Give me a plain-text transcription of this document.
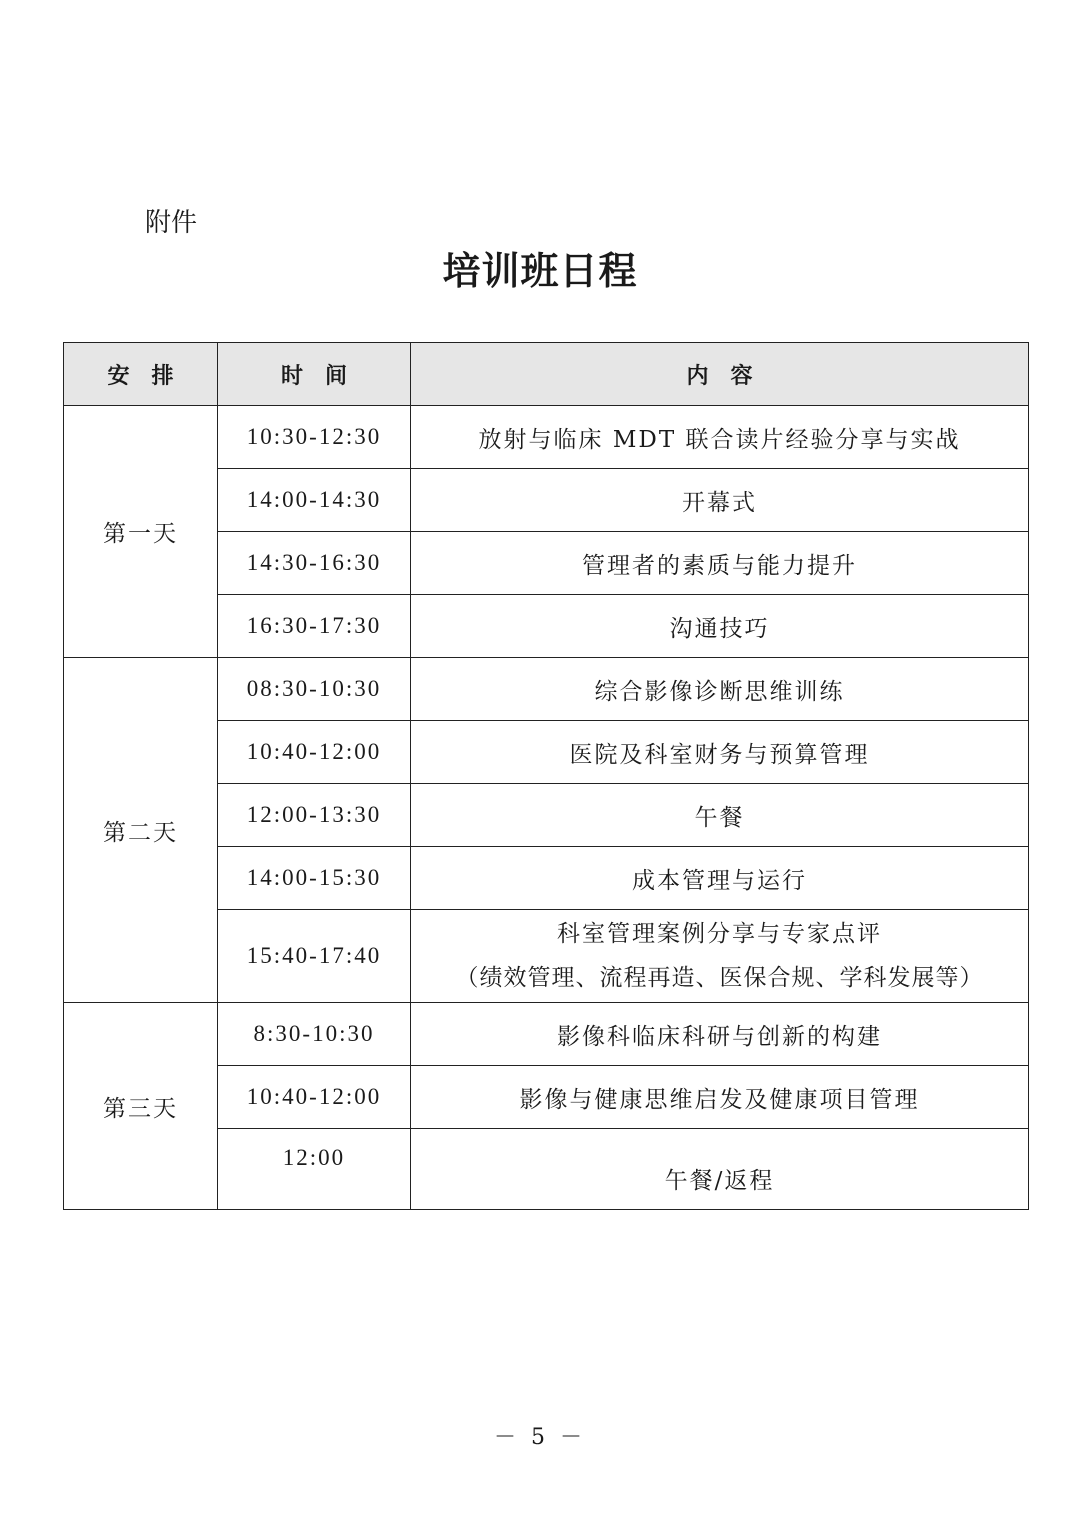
附件
培训班日程
安　排	时　间	内　容
第一天	10:30-12:30	放射与临床 MDT 联合读片经验分享与实战
	14:00-14:30	开幕式
	14:30-16:30	管理者的素质与能力提升
	16:30-17:30	沟通技巧
第二天	08:30-10:30	综合影像诊断思维训练
	10:40-12:00	医院及科室财务与预算管理
	12:00-13:30	午餐
	14:00-15:30	成本管理与运行
	15:40-17:40	科室管理案例分享与专家点评
（绩效管理、流程再造、医保合规、学科发展等）

第三天	8:30-10:30	影像科临床科研与创新的构建
	10:40-12:00	影像与健康思维启发及健康项目管理
	12:00	午餐/返程
－ 5 －
